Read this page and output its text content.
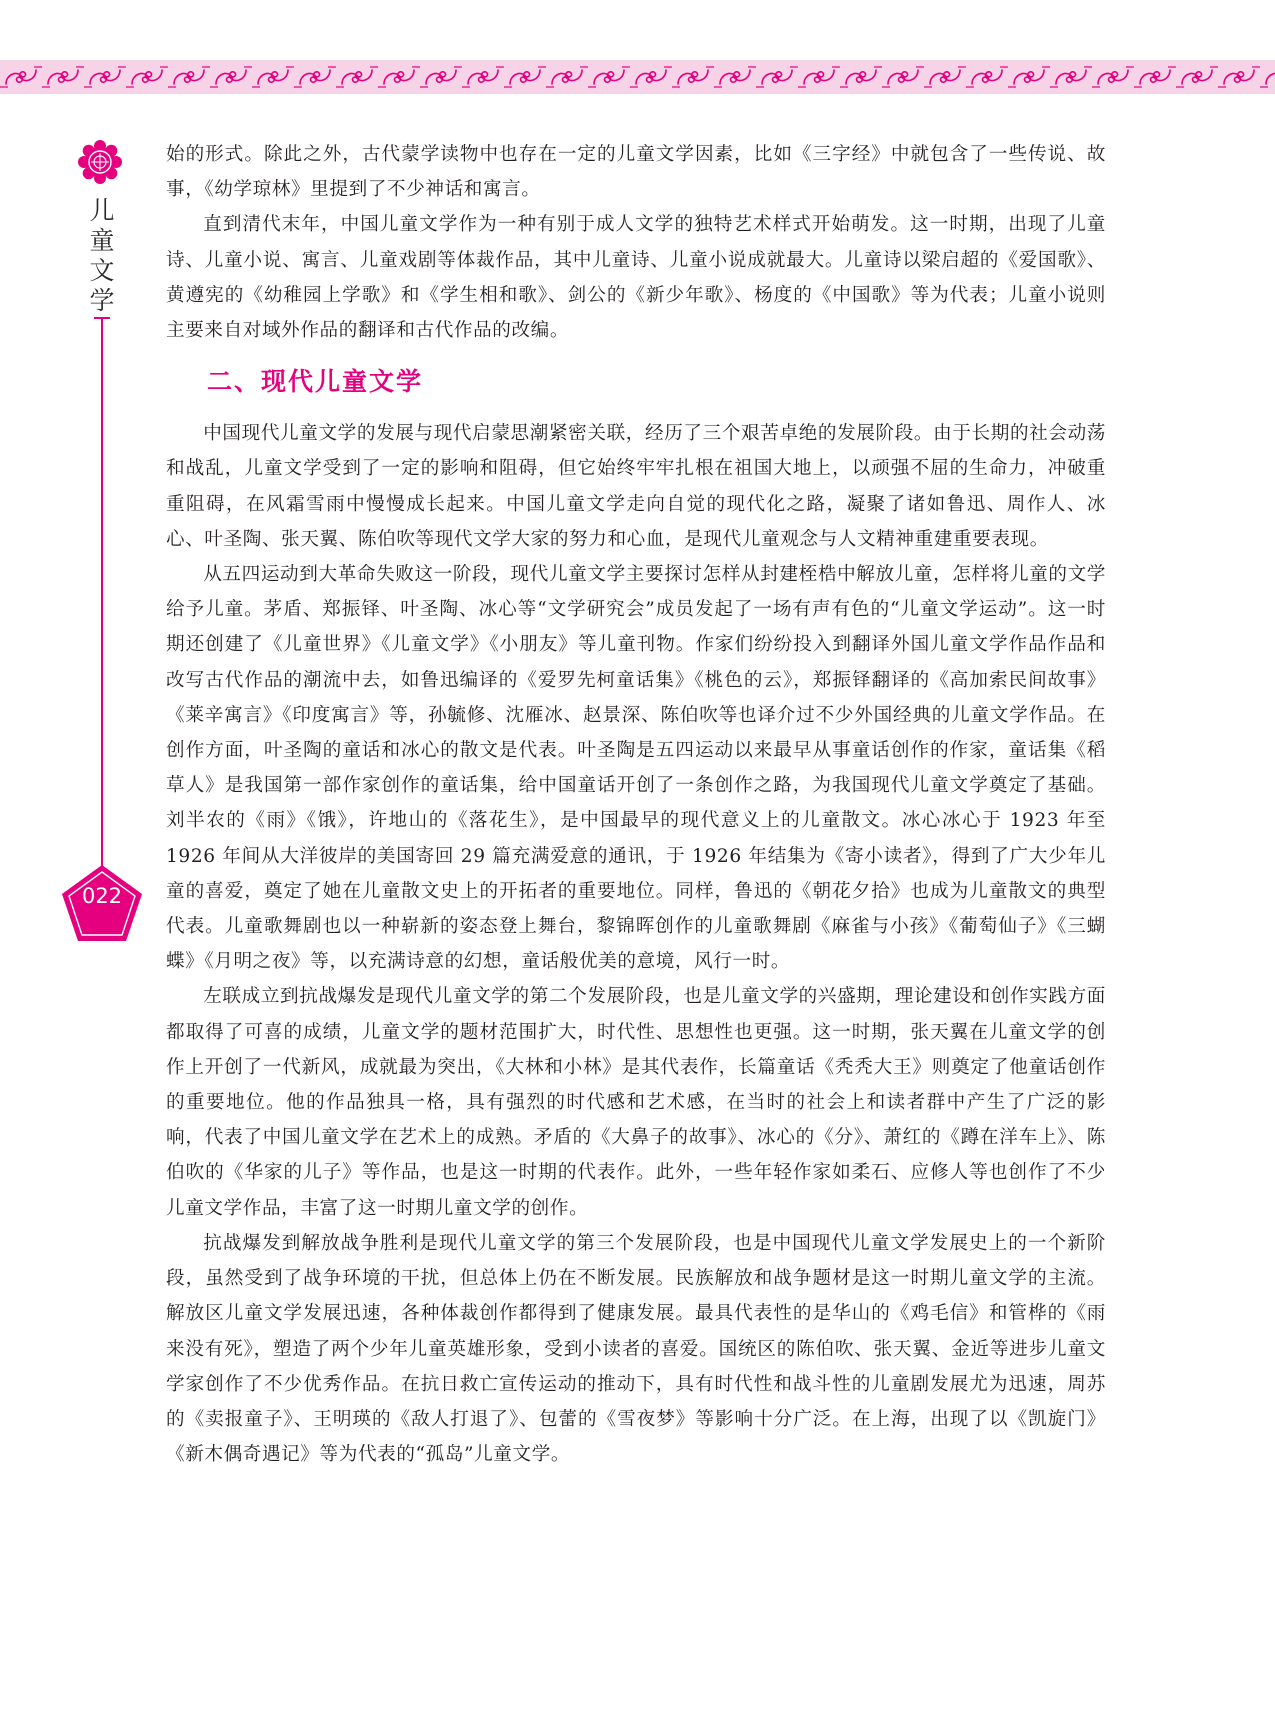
儿童文学
022

始的形式。除此之外，古代蒙学读物中也存在一定的儿童文学因素，比如《三字经》中就包含了一些传说、故事，《幼学琼林》里提到了不少神话和寓言。

直到清代末年，中国儿童文学作为一种有别于成人文学的独特艺术样式开始萌发。这一时期，出现了儿童诗、儿童小说、寓言、儿童戏剧等体裁作品，其中儿童诗、儿童小说成就最大。儿童诗以梁启超的《爱国歌》、黄遵宪的《幼稚园上学歌》和《学生相和歌》、剑公的《新少年歌》、杨度的《中国歌》等为代表；儿童小说则主要来自对域外作品的翻译和古代作品的改编。

二、现代儿童文学

中国现代儿童文学的发展与现代启蒙思潮紧密关联，经历了三个艰苦卓绝的发展阶段。由于长期的社会动荡和战乱，儿童文学受到了一定的影响和阻碍，但它始终牢牢扎根在祖国大地上，以顽强不屈的生命力，冲破重重阻碍，在风霜雪雨中慢慢成长起来。中国儿童文学走向自觉的现代化之路，凝聚了诸如鲁迅、周作人、冰心、叶圣陶、张天翼、陈伯吹等现代文学大家的努力和心血，是现代儿童观念与人文精神重建重要表现。

从五四运动到大革命失败这一阶段，现代儿童文学主要探讨怎样从封建桎梏中解放儿童，怎样将儿童的文学给予儿童。茅盾、郑振铎、叶圣陶、冰心等“文学研究会”成员发起了一场有声有色的“儿童文学运动”。这一时期还创建了《儿童世界》《儿童文学》《小朋友》等儿童刊物。作家们纷纷投入到翻译外国儿童文学作品作品和改写古代作品的潮流中去，如鲁迅编译的《爱罗先柯童话集》《桃色的云》，郑振铎翻译的《高加索民间故事》《莱辛寓言》《印度寓言》等，孙毓修、沈雁冰、赵景深、陈伯吹等也译介过不少外国经典的儿童文学作品。在创作方面，叶圣陶的童话和冰心的散文是代表。叶圣陶是五四运动以来最早从事童话创作的作家，童话集《稻草人》是我国第一部作家创作的童话集，给中国童话开创了一条创作之路，为我国现代儿童文学奠定了基础。刘半农的《雨》《饿》，许地山的《落花生》，是中国最早的现代意义上的儿童散文。冰心冰心于 1923 年至 1926 年间从大洋彼岸的美国寄回 29 篇充满爱意的通讯，于 1926 年结集为《寄小读者》，得到了广大少年儿童的喜爱，奠定了她在儿童散文史上的开拓者的重要地位。同样，鲁迅的《朝花夕拾》也成为儿童散文的典型代表。儿童歌舞剧也以一种崭新的姿态登上舞台，黎锦晖创作的儿童歌舞剧《麻雀与小孩》《葡萄仙子》《三蝴蝶》《月明之夜》等，以充满诗意的幻想，童话般优美的意境，风行一时。

左联成立到抗战爆发是现代儿童文学的第二个发展阶段，也是儿童文学的兴盛期，理论建设和创作实践方面都取得了可喜的成绩，儿童文学的题材范围扩大，时代性、思想性也更强。这一时期，张天翼在儿童文学的创作上开创了一代新风，成就最为突出，《大林和小林》是其代表作，长篇童话《秃秃大王》则奠定了他童话创作的重要地位。他的作品独具一格，具有强烈的时代感和艺术感，在当时的社会上和读者群中产生了广泛的影响，代表了中国儿童文学在艺术上的成熟。矛盾的《大鼻子的故事》、冰心的《分》、萧红的《蹲在洋车上》、陈伯吹的《华家的儿子》等作品，也是这一时期的代表作。此外，一些年轻作家如柔石、应修人等也创作了不少儿童文学作品，丰富了这一时期儿童文学的创作。

抗战爆发到解放战争胜利是现代儿童文学的第三个发展阶段，也是中国现代儿童文学发展史上的一个新阶段，虽然受到了战争环境的干扰，但总体上仍在不断发展。民族解放和战争题材是这一时期儿童文学的主流。解放区儿童文学发展迅速，各种体裁创作都得到了健康发展。最具代表性的是华山的《鸡毛信》和管桦的《雨来没有死》，塑造了两个少年儿童英雄形象，受到小读者的喜爱。国统区的陈伯吹、张天翼、金近等进步儿童文学家创作了不少优秀作品。在抗日救亡宣传运动的推动下，具有时代性和战斗性的儿童剧发展尤为迅速，周苏的《卖报童子》、王明瑛的《敌人打退了》、包蕾的《雪夜梦》等影响十分广泛。在上海，出现了以《凯旋门》《新木偶奇遇记》等为代表的“孤岛”儿童文学。
